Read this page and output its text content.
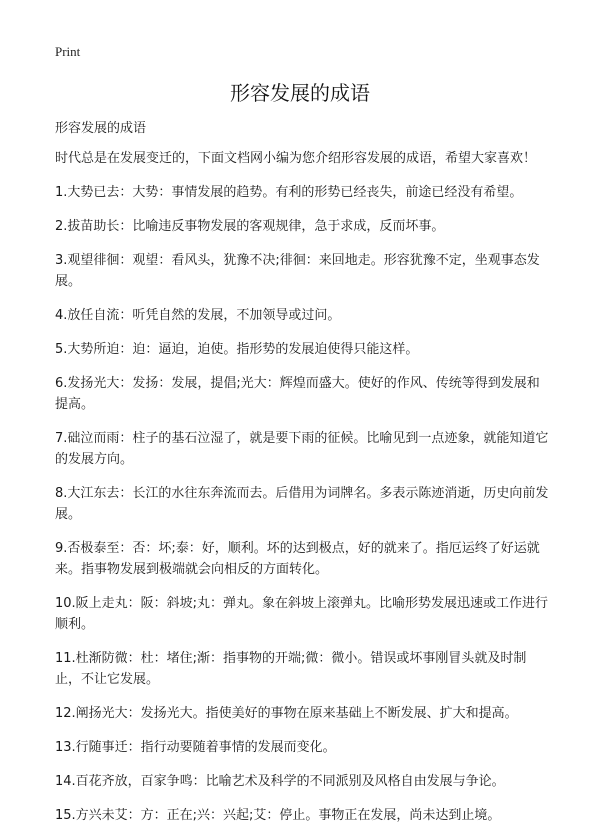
Print
形容发展的成语
形容发展的成语

时代总是在发展变迁的，下面文档网小编为您介绍形容发展的成语，希望大家喜欢！

1.大势已去：大势：事情发展的趋势。有利的形势已经丧失，前途已经没有希望。

2.拔苗助长：比喻违反事物发展的客观规律，急于求成，反而坏事。

3.观望徘徊：观望：看风头，犹豫不决;徘徊：来回地走。形容犹豫不定，坐观事态发展。

4.放任自流：听凭自然的发展，不加领导或过问。

5.大势所迫：迫：逼迫，迫使。指形势的发展迫使得只能这样。

6.发扬光大：发扬：发展，提倡;光大：辉煌而盛大。使好的作风、传统等得到发展和提高。

7.础泣而雨：柱子的基石泣湿了，就是要下雨的征候。比喻见到一点迹象，就能知道它的发展方向。

8.大江东去：长江的水往东奔流而去。后借用为词牌名。多表示陈迹消逝，历史向前发展。

9.否极泰至：否：坏;泰：好，顺利。坏的达到极点，好的就来了。指厄运终了好运就来。指事物发展到极端就会向相反的方面转化。

10.阪上走丸：阪：斜坡;丸：弹丸。象在斜坡上滚弹丸。比喻形势发展迅速或工作进行顺利。

11.杜渐防微：杜：堵住;渐：指事物的开端;微：微小。错误或坏事刚冒头就及时制止，不让它发展。

12.阐扬光大：发扬光大。指使美好的事物在原来基础上不断发展、扩大和提高。

13.行随事迁：指行动要随着事情的发展而变化。

14.百花齐放，百家争鸣：比喻艺术及科学的不同派别及风格自由发展与争论。

15.方兴未艾：方：正在;兴：兴起;艾：停止。事物正在发展，尚未达到止境。
